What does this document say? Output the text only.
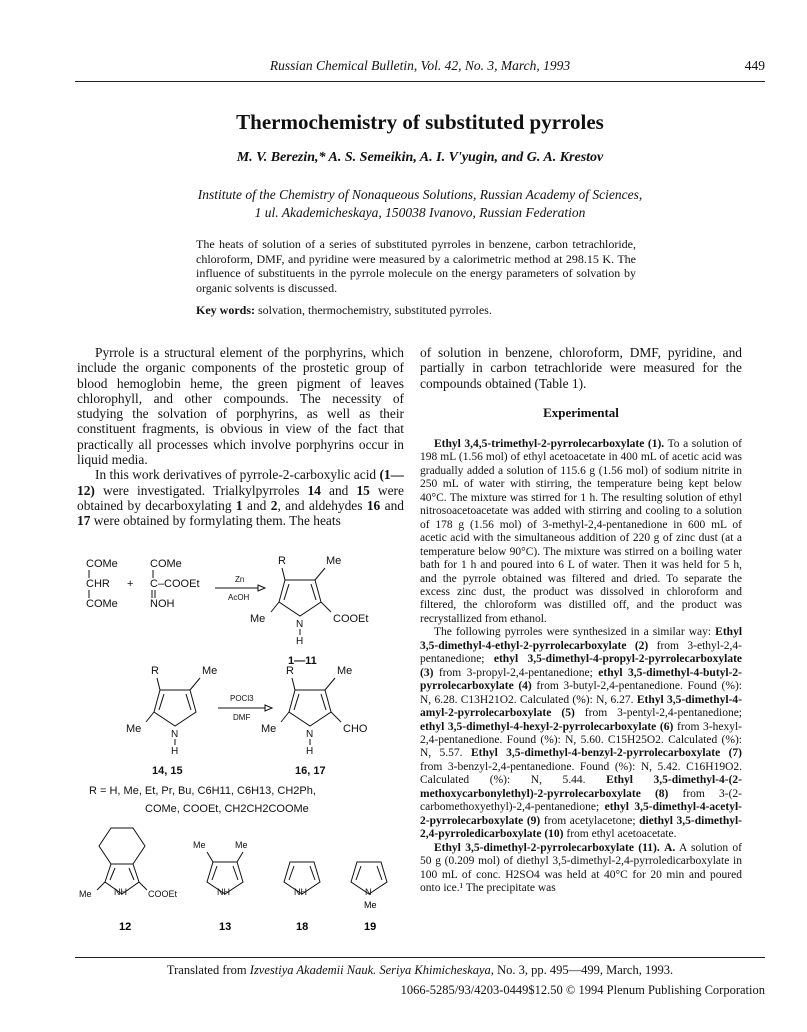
Russian Chemical Bulletin, Vol. 42, No. 3, March, 1993	449
Thermochemistry of substituted pyrroles
M. V. Berezin,* A. S. Semeikin, A. I. V'yugin, and G. A. Krestov
Institute of the Chemistry of Nonaqueous Solutions, Russian Academy of Sciences,
1 ul. Akademicheskaya, 150038 Ivanovo, Russian Federation
The heats of solution of a series of substituted pyrroles in benzene, carbon tetrachloride, chloroform, DMF, and pyridine were measured by a calorimetric method at 298.15 K. The influence of substituents in the pyrrole molecule on the energy parameters of solvation by organic solvents is discussed.
Key words: solvation, thermochemistry, substituted pyrroles.

Pyrrole is a structural element of the porphyrins, which include the organic components of the prostetic group of blood hemoglobin heme, the green pigment of leaves chlorophyll, and other compounds. The necessity of studying the solvation of porphyrins, as well as their constituent fragments, is obvious in view of the fact that practically all processes which involve porphyrins occur in liquid media.

In this work derivatives of pyrrole-2-carboxylic acid (1—12) were investigated. Trialkylpyrroles 14 and 15 were obtained by decarboxylating 1 and 2, and aldehydes 16 and 17 were obtained by formylating them. The heats

of solution in benzene, chloroform, DMF, pyridine, and partially in carbon tetrachloride were measured for the compounds obtained (Table 1).

Experimental

Ethyl 3,4,5-trimethyl-2-pyrrolecarboxylate (1). To a solution of 198 mL (1.56 mol) of ethyl acetoacetate in 400 mL of acetic acid was gradually added a solution of 115.6 g (1.56 mol) of sodium nitrite in 250 mL of water with stirring, the temperature being kept below 40°C. The mixture was stirred for 1 h. The resulting solution of ethyl nitrosoacetoacetate was added with stirring and cooling to a solution of 178 g (1.56 mol) of 3-methyl-2,4-pentanedione in 600 mL of acetic acid with the simultaneous addition of 220 g of zinc dust (at a temperature below 90°C). The mixture was stirred on a boiling water bath for 1 h and poured into 6 L of water. Then it was held for 5 h, and the pyrrole obtained was filtered and dried. To separate the excess zinc dust, the product was dissolved in chloroform and filtered, the chloroform was distilled off, and the product was recrystallized from ethanol.

The following pyrroles were synthesized in a similar way: Ethyl 3,5-dimethyl-4-ethyl-2-pyrrolecarboxylate (2) from 3-ethyl-2,4-pentanedione; ethyl 3,5-dimethyl-4-propyl-2-pyrrolecarboxylate (3) from 3-propyl-2,4-pentanedione; ethyl 3,5-dimethyl-4-butyl-2-pyrrolecarboxylate (4) from 3-butyl-2,4-pentanedione. Found (%): N, 6.28. C13H21O2. Calculated (%): N, 6.27. Ethyl 3,5-dimethyl-4-amyl-2-pyrrolecarboxylate (5) from 3-pentyl-2,4-pentanedione; ethyl 3,5-dimethyl-4-hexyl-2-pyrrolecarboxylate (6) from 3-hexyl-2,4-pentanedione. Found (%): N, 5.60. C15H25O2. Calculated (%): N, 5.57. Ethyl 3,5-dimethyl-4-benzyl-2-pyrrolecarboxylate (7) from 3-benzyl-2,4-pentanedione. Found (%): N, 5.42. C16H19O2. Calculated (%): N, 5.44. Ethyl 3,5-dimethyl-4-(2-methoxycarbonylethyl)-2-pyrrolecarboxylate (8) from 3-(2-carbomethoxyethyl)-2,4-pentanedione; ethyl 3,5-dimethyl-4-acetyl-2-pyrrolecarboxylate (9) from acetylacetone; diethyl 3,5-dimethyl-2,4-pyrroledicarboxylate (10) from ethyl acetoacetate.

Ethyl 3,5-dimethyl-2-pyrrolecarboxylate (11). A. A solution of 50 g (0.209 mol) of diethyl 3,5-dimethyl-2,4-pyrroledicarboxylate in 100 mL of conc. H2SO4 was held at 40°C for 20 min and poured onto ice.¹ The precipitate was

COMe
CHR
COMe
+
COMe
C–COOEt
NOH
Zn
AcOH
R	Me
Me	N
H
COOEt
1—11
R	Me
Me	N
H
POCl3
DMF
R	Me
Me	N
H
CHO
14, 15	16, 17
R = H, Me, Et, Pr, Bu, C6H11, C6H13, CH2Ph,
COMe, COOEt, CH2CH2COOMe
Me NH COOEt
Me	Me
NH	NH	N
Me
12	13	18	19
Translated from Izvestiya Akademii Nauk. Seriya Khimicheskaya, No. 3, pp. 495—499, March, 1993.
1066-5285/93/4203-0449$12.50 © 1994 Plenum Publishing Corporation
